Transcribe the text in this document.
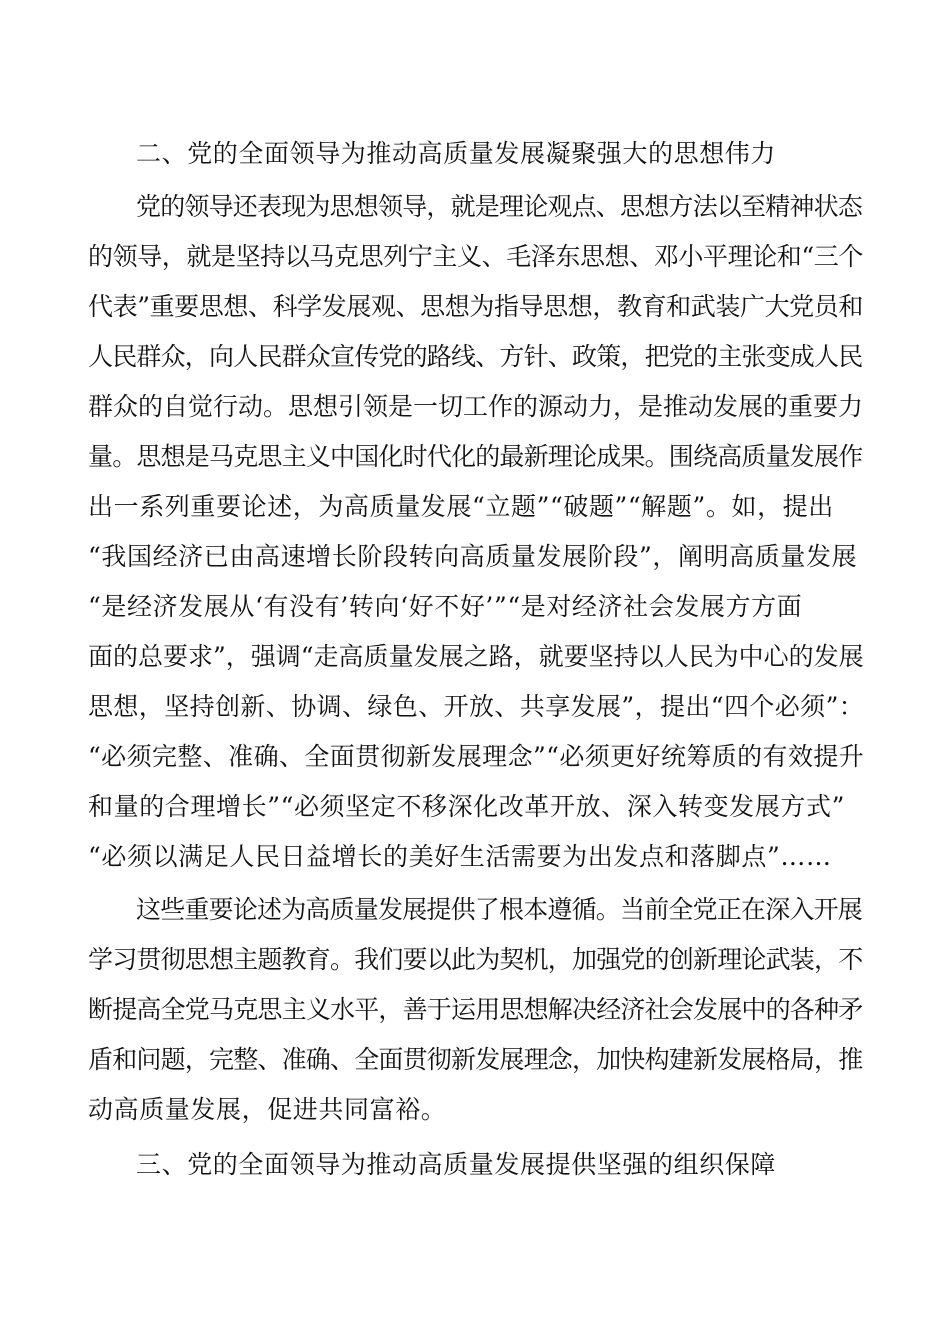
二、党的全面领导为推动高质量发展凝聚强大的思想伟力
党的领导还表现为思想领导，就是理论观点、思想方法以至精神状态
的领导，就是坚持以马克思列宁主义、毛泽东思想、邓小平理论和“三个
代表”重要思想、科学发展观、思想为指导思想，教育和武装广大党员和
人民群众，向人民群众宣传党的路线、方针、政策，把党的主张变成人民
群众的自觉行动。思想引领是一切工作的源动力，是推动发展的重要力
量。思想是马克思主义中国化时代化的最新理论成果。围绕高质量发展作
出一系列重要论述，为高质量发展“立题”“破题”“解题”。如，提出
“我国经济已由高速增长阶段转向高质量发展阶段”，阐明高质量发展
“是经济发展从‘有没有’转向‘好不好’”“是对经济社会发展方方面
面的总要求”，强调“走高质量发展之路，就要坚持以人民为中心的发展
思想，坚持创新、协调、绿色、开放、共享发展”，提出“四个必须”：
“必须完整、准确、全面贯彻新发展理念”“必须更好统筹质的有效提升
和量的合理增长”“必须坚定不移深化改革开放、深入转变发展方式”
“必须以满足人民日益增长的美好生活需要为出发点和落脚点”……
这些重要论述为高质量发展提供了根本遵循。当前全党正在深入开展
学习贯彻思想主题教育。我们要以此为契机，加强党的创新理论武装，不
断提高全党马克思主义水平，善于运用思想解决经济社会发展中的各种矛
盾和问题，完整、准确、全面贯彻新发展理念，加快构建新发展格局，推
动高质量发展，促进共同富裕。
三、党的全面领导为推动高质量发展提供坚强的组织保障
